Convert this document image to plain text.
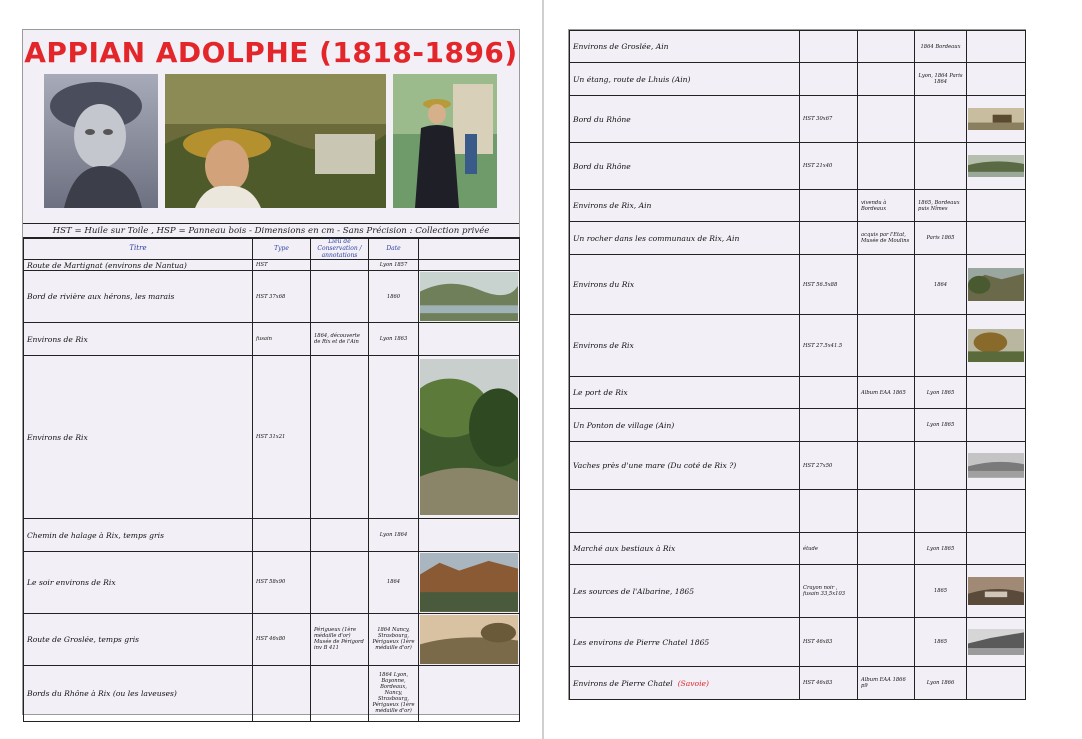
APPIAN ADOLPHE (1818-1896)
HST = Huile sur Toile , HSP = Panneau bois - Dimensions en cm - Sans Précision : Collection privée
Titre	Type	Lieu de Conservation / annotations	Date	
Route de Martignat (environs de Nantua)	HST		Lyon 1857	
Bord de rivière aux hérons, les marais	HST 37x68		1860	

Environs de Rix	fusain	1864, découverte de Rix et de l'Ain	Lyon 1863	
Environs de Rix	HST 31x21			

Chemin de halage à Rix, temps gris			Lyon 1864	
Le soir environs de Rix	HST 58x90		1864	

Route de Groslée, temps gris	HST 46x80	Périgueux (1ère médaille d'or) Musée de Périgord inv B 411	1864 Nancy, Strasbourg, Périgueux (1ère médaille d'or)	

Bords du Rhône à Rix (ou les laveuses)			1864 Lyon, Bayonne, Bordeaux, Nancy, Strasbourg, Périgueux (1ère médaille d'or)	
Environs de Groslée, Ain			1864 Bordeaux	
Un étang, route de Lhuis (Ain)			Lyon, 1864 Paris 1864	
Bord du Rhône	HST 30x67			

Bord du Rhône	HST 21x40			

Environs de Rix, Ain		vivendu à Bordeaux	1865, Bordeaux puis Nîmes	
Un rocher dans les communaux de Rix, Ain		acquis par l'Etat, Musée de Moulins	Paris 1865	
Environs du Rix	HST 56.5x88		1864	

Environs de Rix	HST 27.5x41.5			

Le port de Rix		Album EAA 1865	Lyon 1865	
Un Ponton de village (Ain)			Lyon 1865	
Vaches près d'une mare (Du coté de Rix ?)	HST 27x50			

Marché aux bestiaux à Rix	étude		Lyon 1865	
Les sources de l'Albarine, 1865	Crayon noir , fusain 33,5x103		1865	

Les environs de Pierre Chatel 1865	HST 46x83		1865	

Environs de Pierre Chatel (Savoie)	HST 46x83	Album EAA 1866 p9	Lyon 1866	
